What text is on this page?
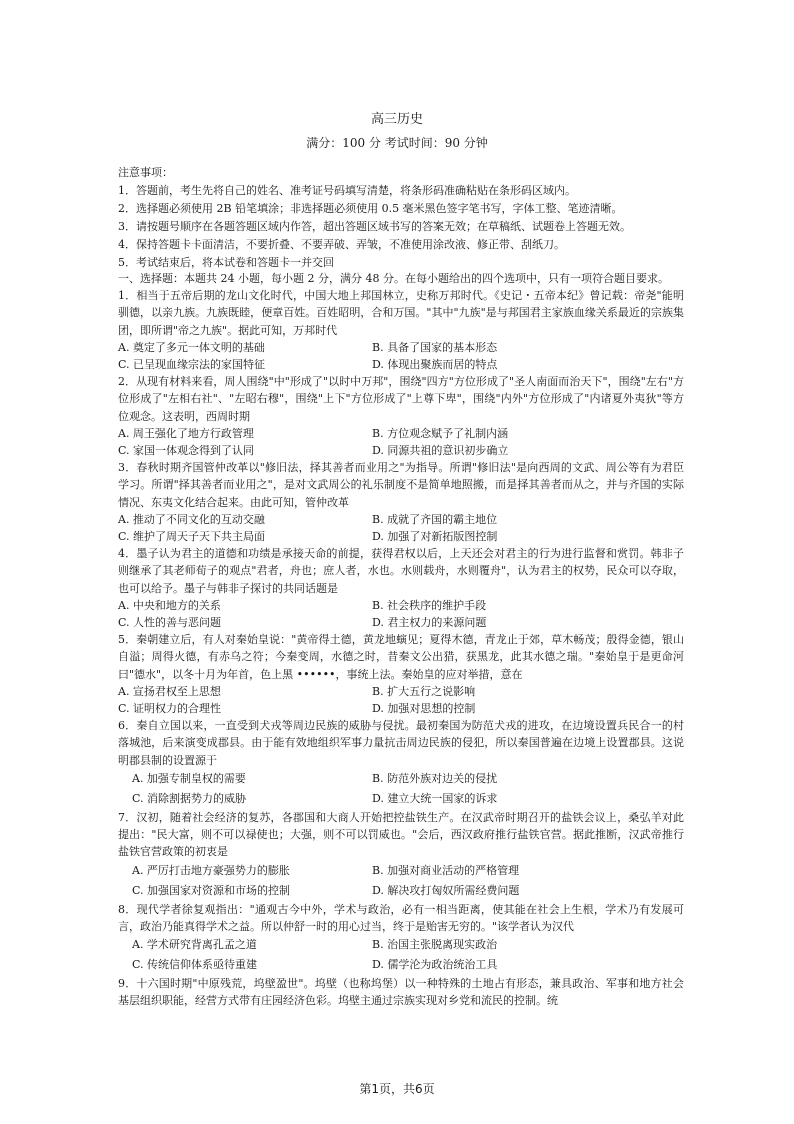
高三历史
满分：100 分 考试时间：90 分钟
注意事项：
1．答题前，考生先将自己的姓名、准考证号码填写清楚，将条形码准确粘贴在条形码区域内。
2．选择题必须使用 2B 铅笔填涂；非选择题必须使用 0.5 毫米黑色签字笔书写，字体工整、笔迹清晰。
3．请按题号顺序在各题答题区域内作答，超出答题区域书写的答案无效；在草稿纸、试题卷上答题无效。
4．保持答题卡卡面清洁，不要折叠、不要弄破、弄皱，不准使用涂改液、修正带、刮纸刀。
5．考试结束后，将本试卷和答题卡一并交回
一、选择题：本题共 24 小题，每小题 2 分，满分 48 分。在每小题给出的四个选项中，只有一项符合题目要求。
1．相当于五帝后期的龙山文化时代，中国大地上邦国林立，史称万邦时代。《史记・五帝本纪》曾记载：帝尧"能明驯德，以亲九族。九族既睦，便章百姓。百姓昭明，合和万国。"其中"九族"是与邦国君主家族血缘关系最近的宗族集团，即所谓"帝之九族"。据此可知，万邦时代
A. 奠定了多元一体文明的基础	B. 具备了国家的基本形态
C. 已呈现血缘宗法的家国特征	D. 体现出聚族而居的特点
2．从现有材料来看，周人围绕"中"形成了"以时中万邦"，围绕"四方"方位形成了"圣人南面而治天下"，围绕"左右"方位形成了"左相右社"、"左昭右穆"，围绕"上下"方位形成了"上尊下卑"，围绕"内外"方位形成了"内诸夏外夷狄"等方位观念。这表明，西周时期
A. 周王强化了地方行政管理	B. 方位观念赋予了礼制内涵
C. 家国一体观念得到了认同	D. 同源共祖的意识初步确立
3．春秋时期齐国管仲改革以"修旧法，择其善者而业用之"为指导。所谓"修旧法"是向西周的文武、周公等有为君臣学习。所谓"择其善者而业用之"，是对文武周公的礼乐制度不是简单地照搬，而是择其善者而从之，并与齐国的实际情况、东夷文化结合起来。由此可知，管仲改革
A. 推动了不同文化的互动交融	B. 成就了齐国的霸主地位
C. 维护了周天子天下共主局面	D. 加强了对新拓版图控制
4．墨子认为君主的道德和功绩是承接天命的前提，获得君权以后，上天还会对君主的行为进行监督和赏罚。韩非子则继承了其老师荀子的观点"君者，舟也；庶人者，水也。水则载舟，水则覆舟"，认为君主的权势，民众可以夺取，也可以给予。墨子与韩非子探讨的共同话题是
A. 中央和地方的关系	B. 社会秩序的维护手段
C. 人性的善与恶问题	D. 君主权力的来源问题
5．秦朝建立后，有人对秦始皇说："黄帝得土德，黄龙地螾见；夏得木德，青龙止于郊，草木畅茂；殷得金德，银山自溢；周得火德，有赤乌之符；今秦变周，水德之时，昔秦文公出猎，获黑龙，此其水德之瑞。"秦始皇于是更命河曰"德水"，以冬十月为年首，色上黑 ••••••，事统上法。秦始皇的应对举措，意在
A. 宣扬君权至上思想	B. 扩大五行之说影响
C. 证明权力的合理性	D. 加强对思想的控制
6．秦自立国以来，一直受到犬戎等周边民族的威胁与侵扰。最初秦国为防范犬戎的进攻，在边境设置兵民合一的村落城池，后来演变成郡县。由于能有效地组织军事力量抗击周边民族的侵犯，所以秦国普遍在边境上设置郡县。这说明郡县制的设置源于
A. 加强专制皇权的需要	B. 防范外族对边关的侵扰
C. 消除割据势力的威胁	D. 建立大统一国家的诉求
7．汉初，随着社会经济的复苏，各郡国和大商人开始把控盐铁生产。在汉武帝时期召开的盐铁会议上，桑弘羊对此提出："民大富，则不可以禄使也；大强，则不可以罚威也。"会后，西汉政府推行盐铁官营。据此推断，汉武帝推行盐铁官营政策的初衷是
A. 严厉打击地方豪强势力的膨胀	B. 加强对商业活动的严格管理
C. 加强国家对资源和市场的控制	D. 解决攻打匈奴所需经费问题
8．现代学者徐复观指出："通观古今中外，学术与政治，必有一相当距离，使其能在社会上生根，学术乃有发展可言，政治乃能真得学术之益。所以仲舒一时的用心过当，终于是贻害无穷的。"该学者认为汉代
A. 学术研究背离孔孟之道	B. 治国主张脱离现实政治
C. 传统信仰体系亟待重建	D. 儒学沦为政治统治工具
9．十六国时期"中原残荒，坞壁盈世"。坞壁（也称坞堡）以一种特殊的土地占有形态，兼具政治、军事和地方社会基层组织职能，经营方式带有庄园经济色彩。坞壁主通过宗族实现对乡党和流民的控制。统
第1页，共6页
